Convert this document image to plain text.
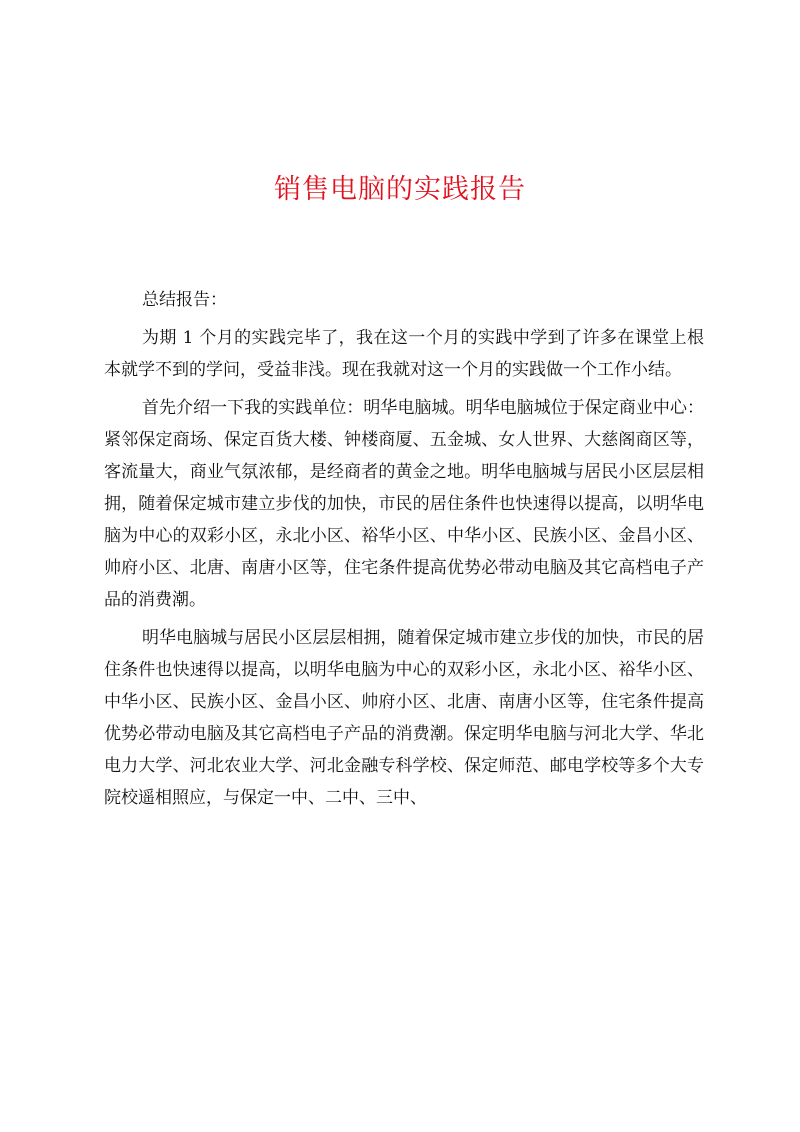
销售电脑的实践报告

总结报告：

为期 1 个月的实践完毕了，我在这一个月的实践中学到了许多在课堂上根本就学不到的学问，受益非浅。现在我就对这一个月的实践做一个工作小结。

首先介绍一下我的实践单位：明华电脑城。明华电脑城位于保定商业中心：紧邻保定商场、保定百货大楼、钟楼商厦、五金城、女人世界、大慈阁商区等，客流量大，商业气氛浓郁，是经商者的黄金之地。明华电脑城与居民小区层层相拥，随着保定城市建立步伐的加快，市民的居住条件也快速得以提高，以明华电脑为中心的双彩小区，永北小区、裕华小区、中华小区、民族小区、金昌小区、帅府小区、北唐、南唐小区等，住宅条件提高优势必带动电脑及其它高档电子产品的消费潮。

明华电脑城与居民小区层层相拥，随着保定城市建立步伐的加快，市民的居住条件也快速得以提高，以明华电脑为中心的双彩小区，永北小区、裕华小区、中华小区、民族小区、金昌小区、帅府小区、北唐、南唐小区等，住宅条件提高优势必带动电脑及其它高档电子产品的消费潮。保定明华电脑与河北大学、华北电力大学、河北农业大学、河北金融专科学校、保定师范、邮电学校等多个大专院校遥相照应，与保定一中、二中、三中、
